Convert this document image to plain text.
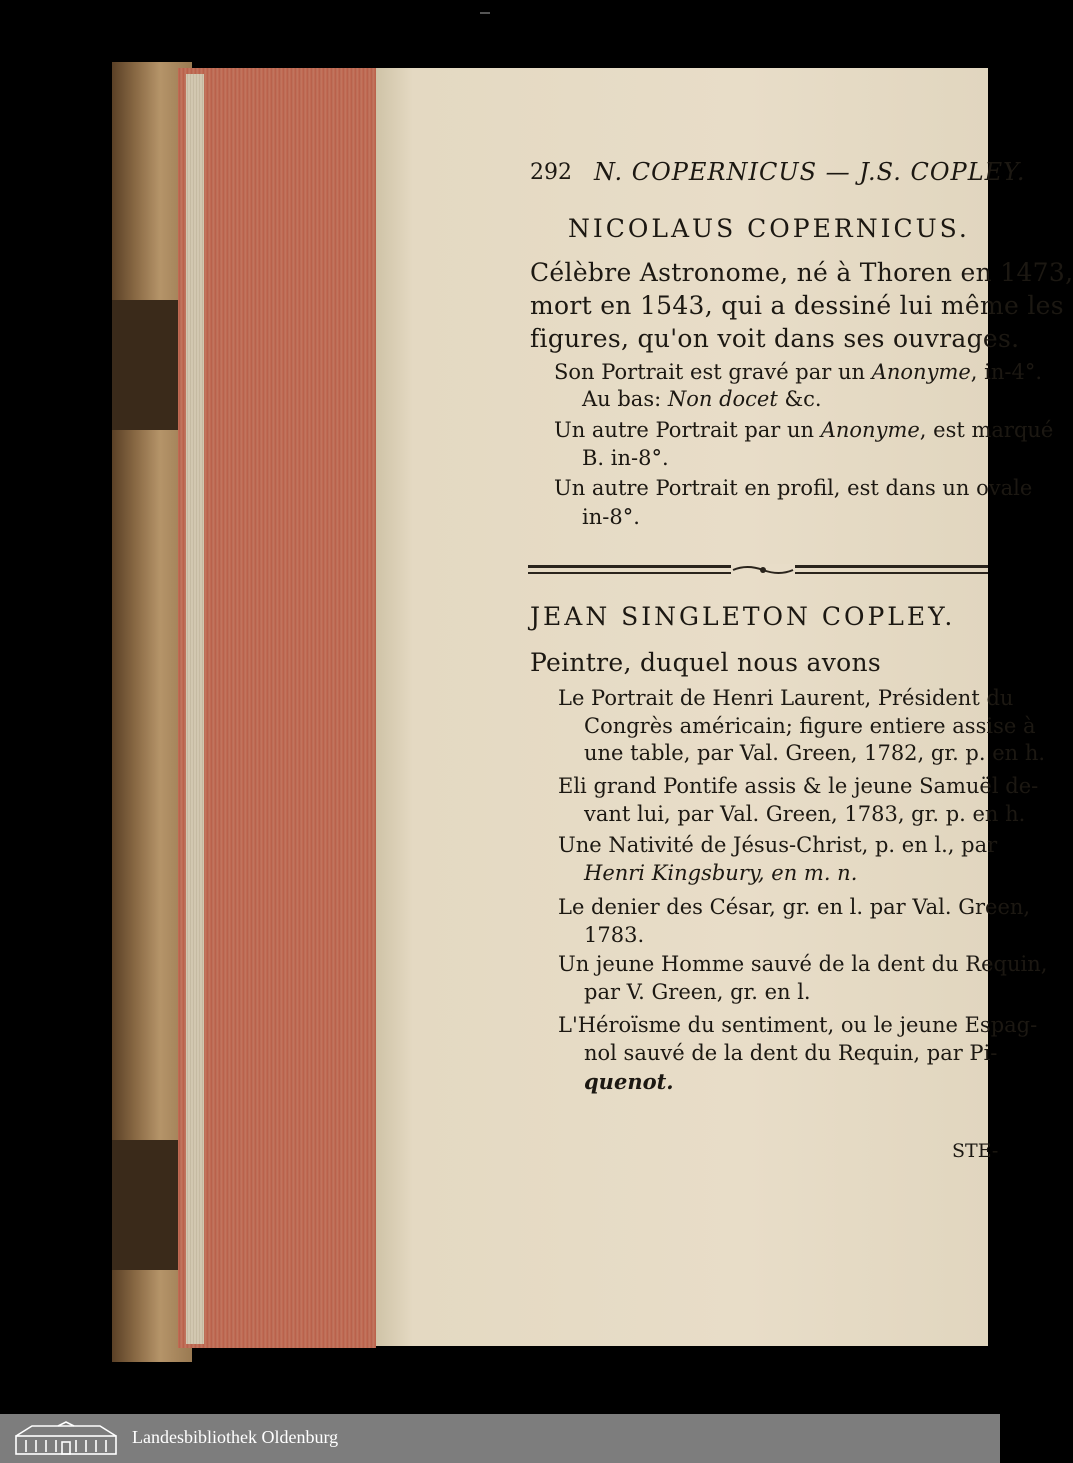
292 N. COPERNICUS — J.S. COPLEY.
NICOLAUS COPERNICUS.
Célèbre Astronome, né à Thoren en 1473,
mort en 1543, qui a dessiné lui même les
figures, qu'on voit dans ses ouvrages.
Son Portrait est gravé par un Anonyme, in-4°.
Au bas: Non docet &c.
Un autre Portrait par un Anonyme, est marqué
B. in-8°.
Un autre Portrait en profil, est dans un ovale
in-8°.
JEAN SINGLETON COPLEY.
Peintre, duquel nous avons
Le Portrait de Henri Laurent, Président du
Congrès américain; figure entiere assise à
une table, par Val. Green, 1782, gr. p. en h.
Eli grand Pontife assis & le jeune Samuël de-
vant lui, par Val. Green, 1783, gr. p. en h.
Une Nativité de Jésus-Christ, p. en l., par
Henri Kingsbury, en m. n.
Le denier des César, gr. en l. par Val. Green,
1783.
Un jeune Homme sauvé de la dent du Requin,
par V. Green, gr. en l.
L'Héroïsme du sentiment, ou le jeune Espag-
nol sauvé de la dent du Requin, par Pi-
quenot.
STE-
Landesbibliothek Oldenburg
